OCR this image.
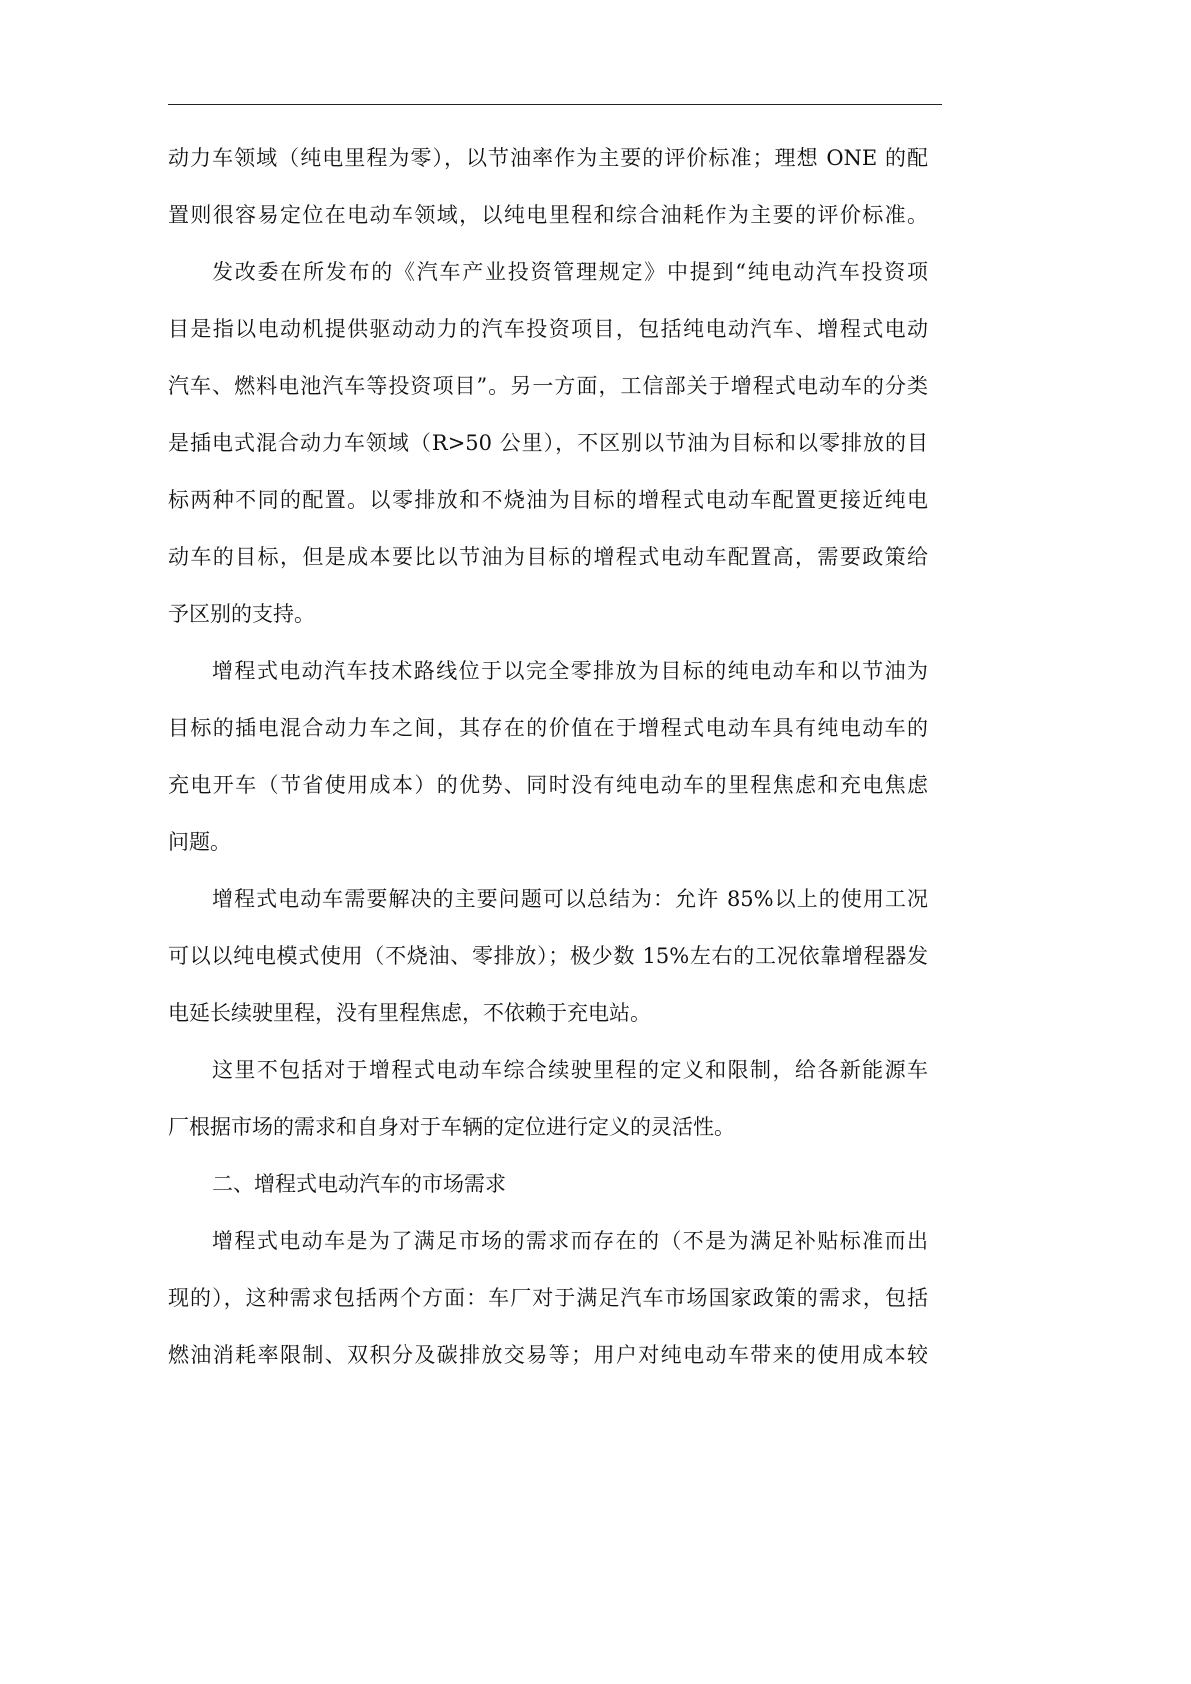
动力车领域（纯电里程为零），以节油率作为主要的评价标准；理想 ONE 的配
置则很容易定位在电动车领域，以纯电里程和综合油耗作为主要的评价标准。
发改委在所发布的《汽车产业投资管理规定》中提到“纯电动汽车投资项
目是指以电动机提供驱动动力的汽车投资项目，包括纯电动汽车、增程式电动
汽车、燃料电池汽车等投资项目”。另一方面，工信部关于增程式电动车的分类
是插电式混合动力车领域（R>50 公里），不区别以节油为目标和以零排放的目
标两种不同的配置。以零排放和不烧油为目标的增程式电动车配置更接近纯电
动车的目标，但是成本要比以节油为目标的增程式电动车配置高，需要政策给
予区别的支持。
增程式电动汽车技术路线位于以完全零排放为目标的纯电动车和以节油为
目标的插电混合动力车之间，其存在的价值在于增程式电动车具有纯电动车的
充电开车（节省使用成本）的优势、同时没有纯电动车的里程焦虑和充电焦虑
问题。
增程式电动车需要解决的主要问题可以总结为：允许 85%以上的使用工况
可以以纯电模式使用（不烧油、零排放）；极少数 15%左右的工况依靠增程器发
电延长续驶里程，没有里程焦虑，不依赖于充电站。
这里不包括对于增程式电动车综合续驶里程的定义和限制，给各新能源车
厂根据市场的需求和自身对于车辆的定位进行定义的灵活性。
二、增程式电动汽车的市场需求
增程式电动车是为了满足市场的需求而存在的（不是为满足补贴标准而出
现的），这种需求包括两个方面：车厂对于满足汽车市场国家政策的需求，包括
燃油消耗率限制、双积分及碳排放交易等；用户对纯电动车带来的使用成本较
